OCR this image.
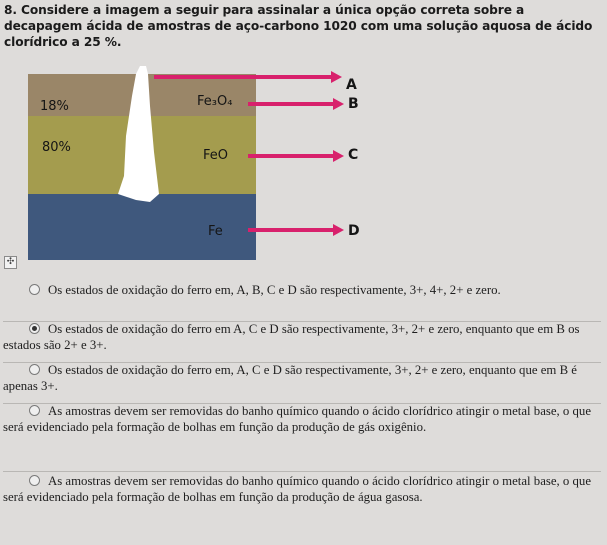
8. Considere a imagem a seguir para assinalar a única opção correta sobre a decapagem ácida de amostras de aço-carbono 1020 com uma solução aquosa de ácido clorídrico a 25 %.
18%
80%
Fe₃O₄
FeO
Fe
A
B
C
D
✣
Os estados de oxidação do ferro em, A, B, C e D são respectivamente, 3+, 4+, 2+ e zero.
Os estados de oxidação do ferro em A, C e D são respectivamente, 3+, 2+ e zero, enquanto que em B os estados são 2+ e 3+.
Os estados de oxidação do ferro em, A, C e D são respectivamente, 3+, 2+ e zero, enquanto que em B é apenas 3+.
As amostras devem ser removidas do banho químico quando o ácido clorídrico atingir o metal base, o que será evidenciado pela formação de bolhas em função da produção de gás oxigênio.
As amostras devem ser removidas do banho químico quando o ácido clorídrico atingir o metal base, o que será evidenciado pela formação de bolhas em função da produção de água gasosa.
